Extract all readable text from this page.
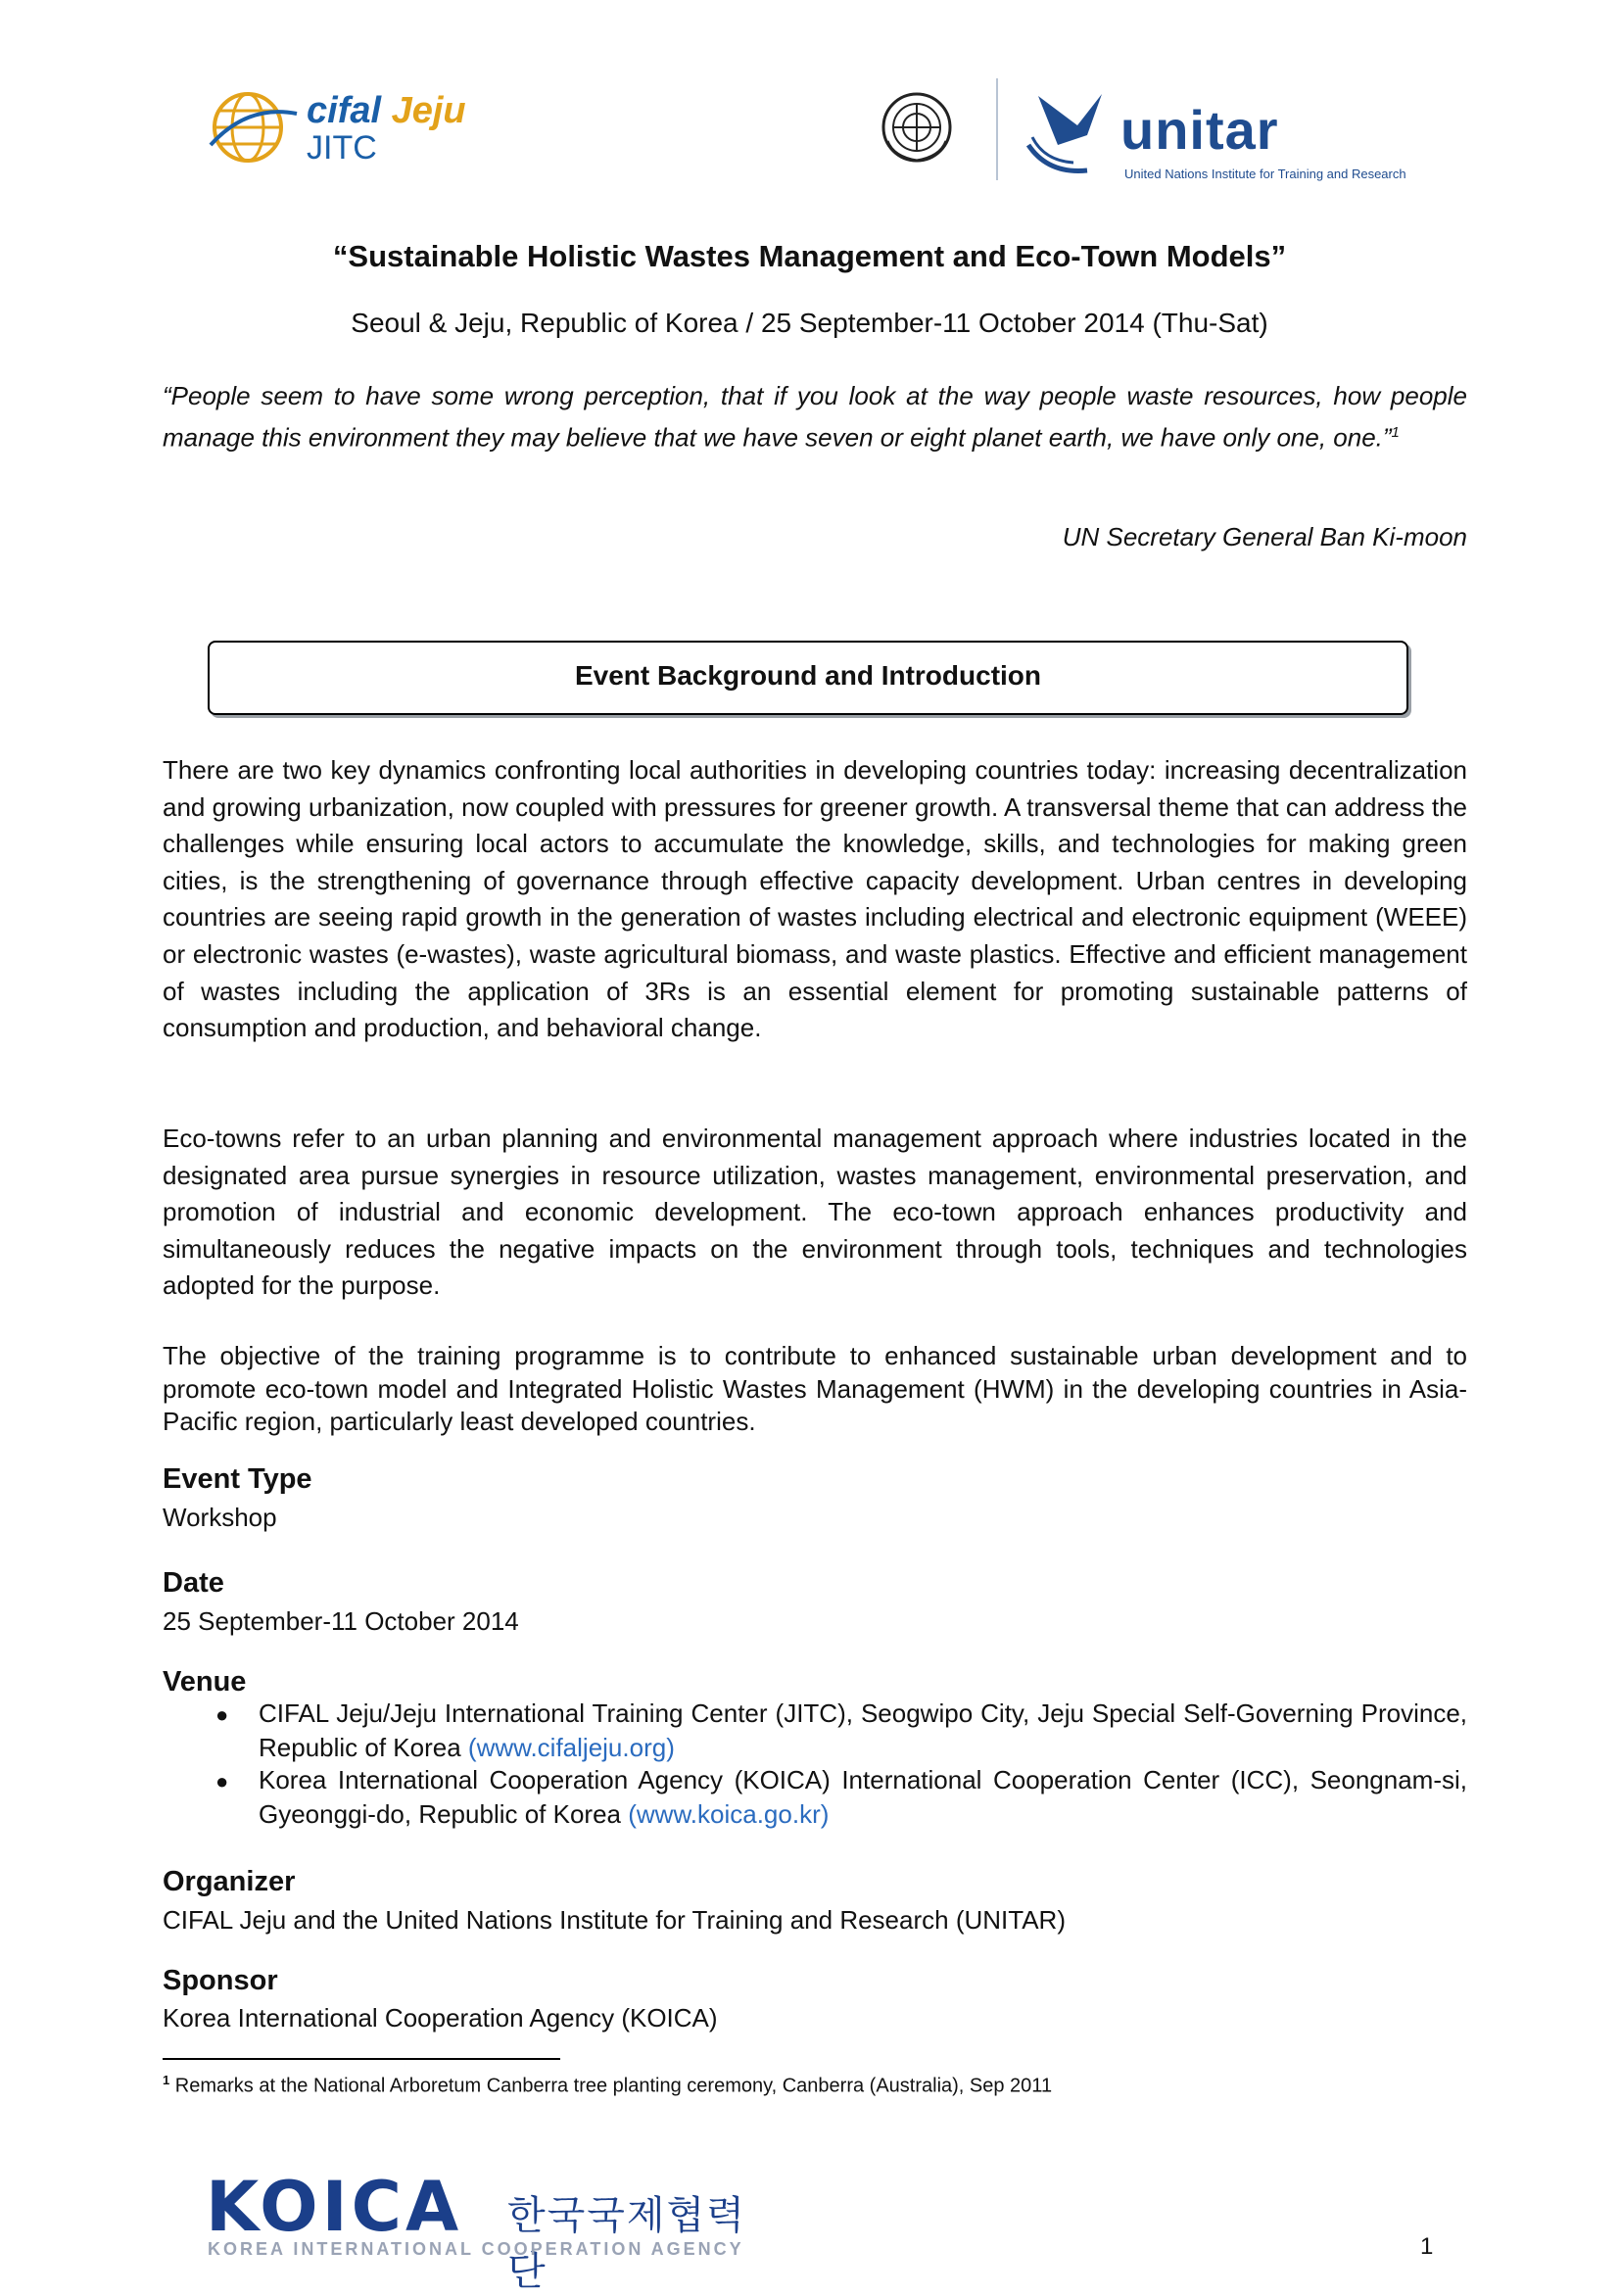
cifal Jeju
JITC	unitar
United Nations Institute for Training and Research
“Sustainable Holistic Wastes Management and Eco-Town Models”
Seoul & Jeju, Republic of Korea / 25 September-11 October 2014 (Thu-Sat)
“People seem to have some wrong perception, that if you look at the way people waste resources, how people manage this environment they may believe that we have seven or eight planet earth, we have only one, one.”$^1$
UN Secretary General Ban Ki-moon
Event Background and Introduction
There are two key dynamics confronting local authorities in developing countries today: increasing decentralization and growing urbanization, now coupled with pressures for greener growth. A transversal theme that can address the challenges while ensuring local actors to accumulate the knowledge, skills, and technologies for making green cities, is the strengthening of governance through effective capacity development. Urban centres in developing countries are seeing rapid growth in the generation of wastes including electrical and electronic equipment (WEEE) or electronic wastes (e-wastes), waste agricultural biomass, and waste plastics. Effective and efficient management of wastes including the application of 3Rs is an essential element for promoting sustainable patterns of consumption and production, and behavioral change.
Eco-towns refer to an urban planning and environmental management approach where industries located in the designated area pursue synergies in resource utilization, wastes management, environmental preservation, and promotion of industrial and economic development. The eco-town approach enhances productivity and simultaneously reduces the negative impacts on the environment through tools, techniques and technologies adopted for the purpose.
The objective of the training programme is to contribute to enhanced sustainable urban development and to promote eco-town model and Integrated Holistic Wastes Management (HWM) in the developing countries in Asia-Pacific region, particularly least developed countries.
Event Type
Workshop
Date
25 September-11 October 2014
Venue
● CIFAL Jeju/Jeju International Training Center (JITC), Seogwipo City, Jeju Special Self-Governing Province, Republic of Korea (www.cifaljeju.org)
● Korea International Cooperation Agency (KOICA) International Cooperation Center (ICC), Seongnam-si, Gyeonggi-do, Republic of Korea (www.koica.go.kr)
Organizer
CIFAL Jeju and the United Nations Institute for Training and Research (UNITAR)
Sponsor
Korea International Cooperation Agency (KOICA)
$^1$ Remarks at the National Arboretum Canberra tree planting ceremony, Canberra (Australia), Sep 2011
KOICA 한국국제협력단
KOREA INTERNATIONAL COOPERATION AGENCY	1
